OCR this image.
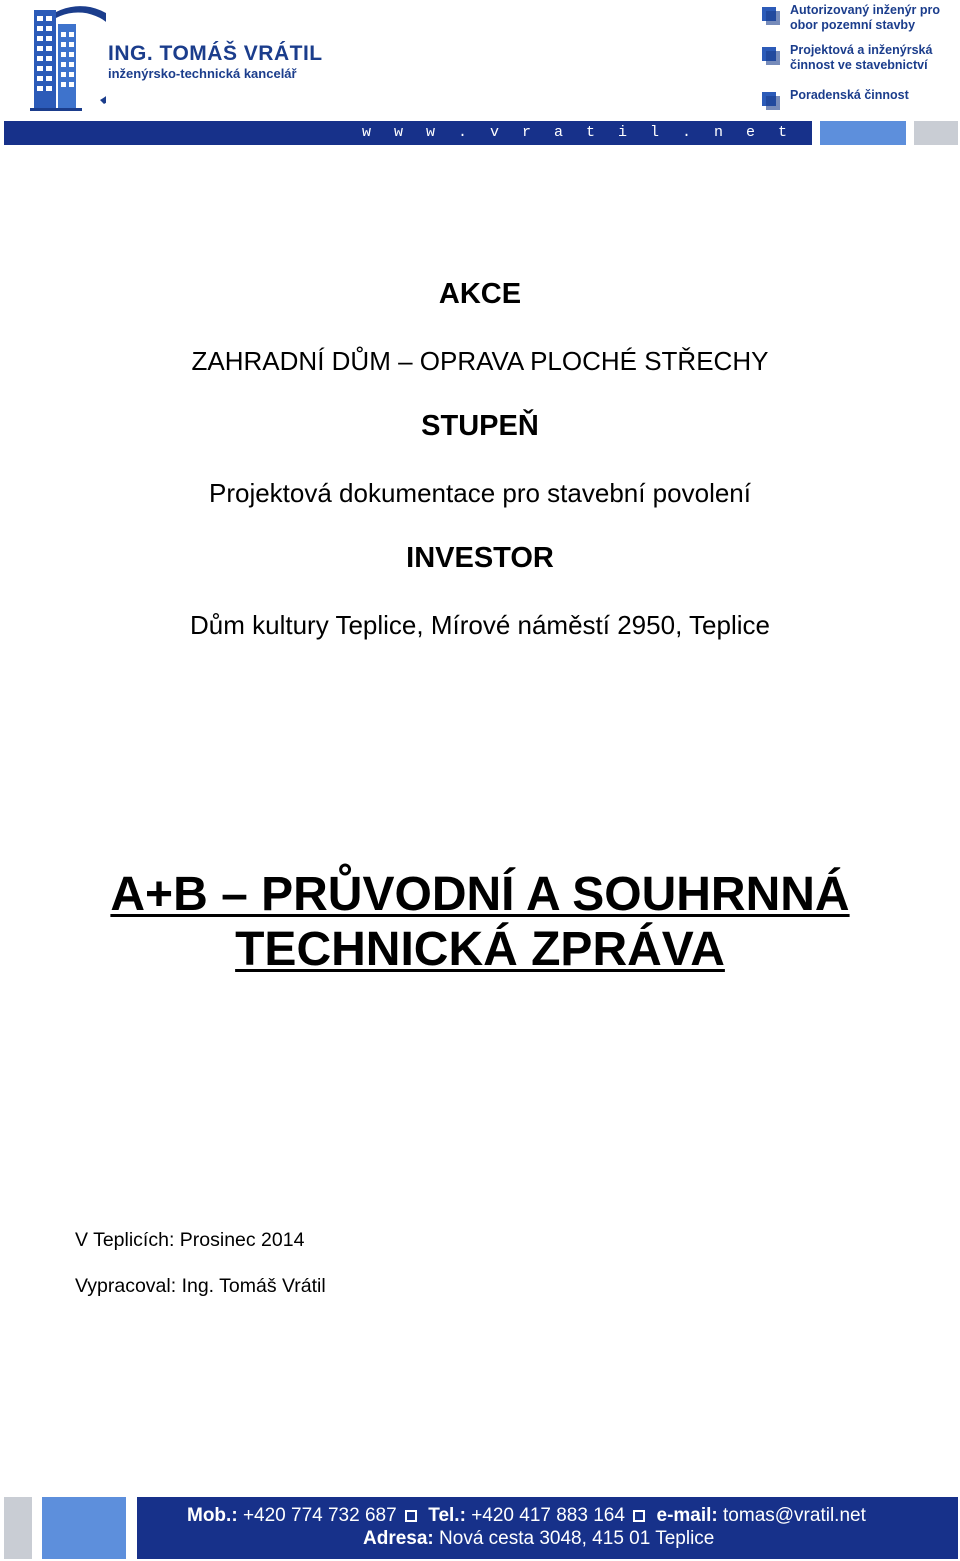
ING. TOMÁŠ VRÁTIL
inženýrsko-technická kancelář
Autorizovaný inženýr pro obor pozemní stavby
Projektová a inženýrská činnost ve stavebnictví
Poradenská činnost
w w w . v r a t i l . n e t
AKCE
ZAHRADNÍ DŮM – OPRAVA PLOCHÉ STŘECHY
STUPEŇ
Projektová dokumentace pro stavební povolení
INVESTOR
Dům kultury Teplice, Mírové náměstí 2950, Teplice
A+B – PRŮVODNÍ A SOUHRNNÁ
TECHNICKÁ ZPRÁVA
V Teplicích: Prosinec 2014
Vypracoval: Ing. Tomáš Vrátil
Mob.: +420 774 732 687 Tel.: +420 417 883 164 e-mail: tomas@vratil.net
Adresa: Nová cesta 3048, 415 01 Teplice
